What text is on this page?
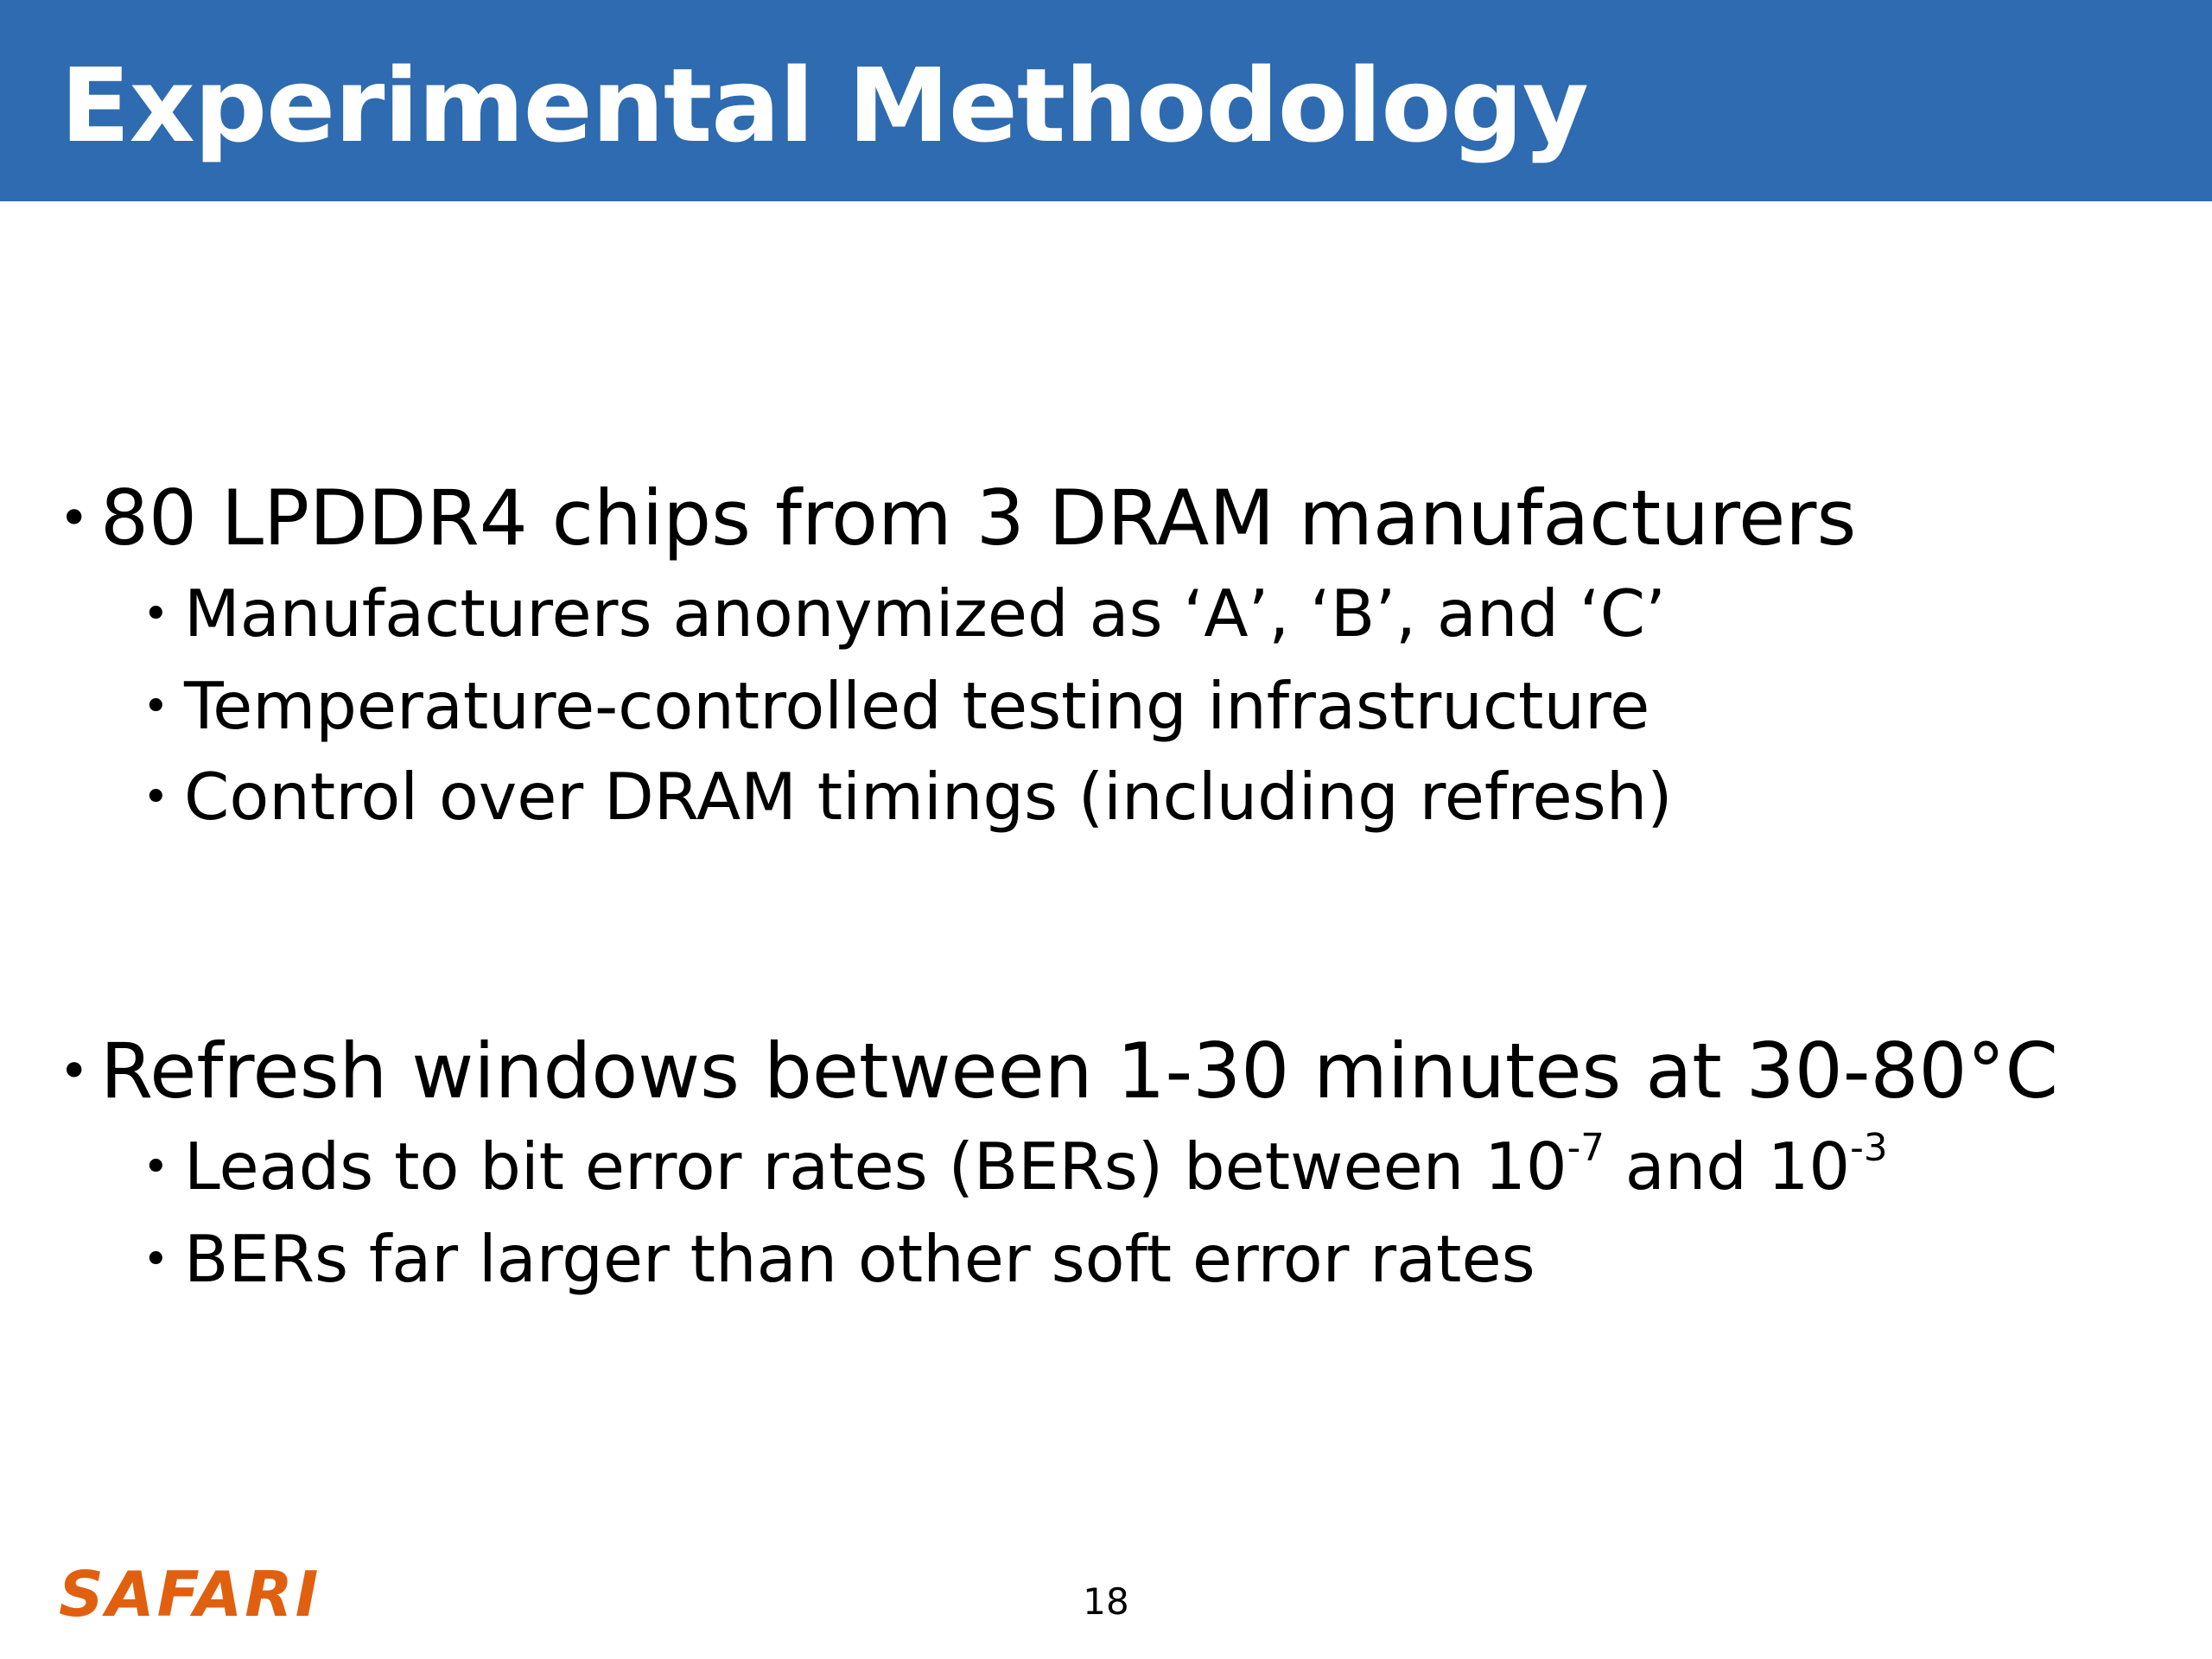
Experimental Methodology
• 80 LPDDR4 chips from 3 DRAM manufacturers
• Manufacturers anonymized as ‘A’, ‘B’, and ‘C’
• Temperature-controlled testing infrastructure
• Control over DRAM timings (including refresh)
• Refresh windows between 1-30 minutes at 30-80°C
• Leads to bit error rates (BERs) between $10^{-7}$ and $10^{-3}$
• BERs far larger than other soft error rates
SAFARI	18
